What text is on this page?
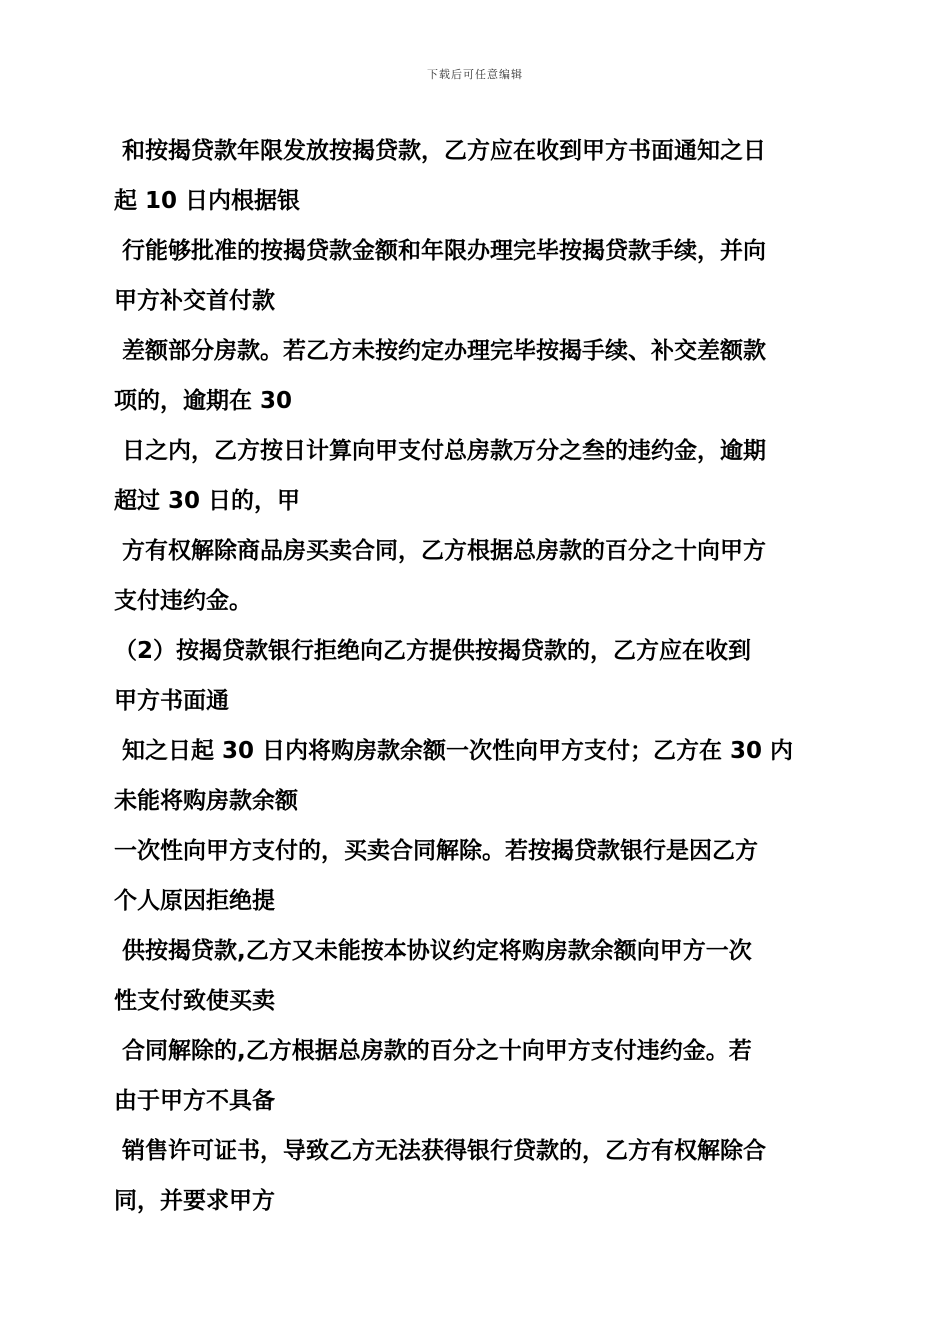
下载后可任意编辑

和按揭贷款年限发放按揭贷款，乙方应在收到甲方书面通知之日

起 10 日内根据银

行能够批准的按揭贷款金额和年限办理完毕按揭贷款手续，并向

甲方补交首付款

差额部分房款。若乙方未按约定办理完毕按揭手续、补交差额款

项的，逾期在 30

日之内，乙方按日计算向甲支付总房款万分之叁的违约金，逾期

超过 30 日的，甲

方有权解除商品房买卖合同，乙方根据总房款的百分之十向甲方

支付违约金。

（2）按揭贷款银行拒绝向乙方提供按揭贷款的，乙方应在收到

甲方书面通

知之日起 30 日内将购房款余额一次性向甲方支付；乙方在 30 内

未能将购房款余额

一次性向甲方支付的，买卖合同解除。若按揭贷款银行是因乙方

个人原因拒绝提

供按揭贷款,乙方又未能按本协议约定将购房款余额向甲方一次

性支付致使买卖

合同解除的,乙方根据总房款的百分之十向甲方支付违约金。若

由于甲方不具备

销售许可证书，导致乙方无法获得银行贷款的，乙方有权解除合

同，并要求甲方
